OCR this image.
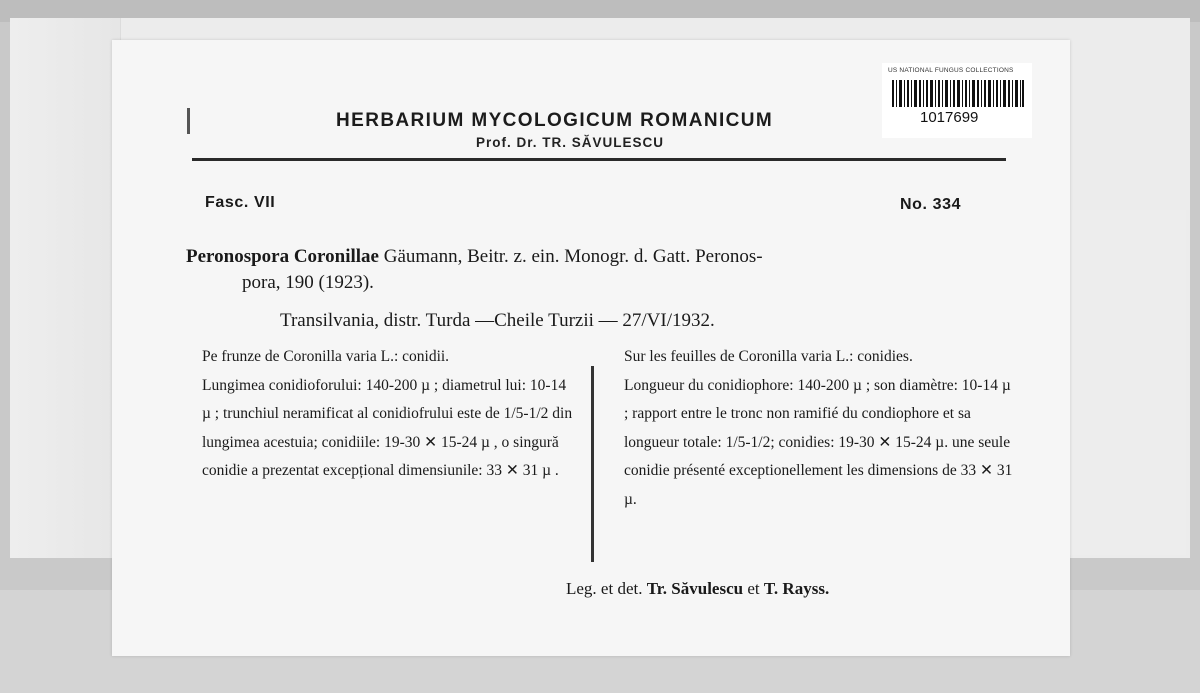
HERBARIUM MYCOLOGICUM ROMANICUM
Prof. Dr. TR. SĂVULESCU
US NATIONAL FUNGUS COLLECTIONS
1017699
Fasc. VII	No. 334
Peronospora Coronillae Gäumann, Beitr. z. ein. Monogr. d. Gatt. Peronos-
pora, 190 (1923).
Transilvania, distr. Turda —Cheile Turzii — 27/VI/1932.

Pe frunze de Coronilla varia L.: conidii.

Lungimea conidioforului: 140-200 µ ; diametrul lui: 10-14 µ ; trunchiul neramificat al conidiofrului este de 1/5-1/2 din lungimea acestuia; conidiile: 19-30 ✕ 15-24 µ , o singură conidie a prezentat excepțional dimensiunile: 33 ✕ 31 µ .

Sur les feuilles de Coronilla varia L.: conidies.

Longueur du conidiophore: 140-200 µ ; son diamètre: 10-14 µ ; rapport entre le tronc non ramifié du condiophore et sa longueur totale: 1/5-1/2; conidies: 19-30 ✕ 15-24 µ. une seule conidie présenté exceptionellement les dimensions de 33 ✕ 31 µ.

Leg. et det. Tr. Săvulescu et T. Rayss.
